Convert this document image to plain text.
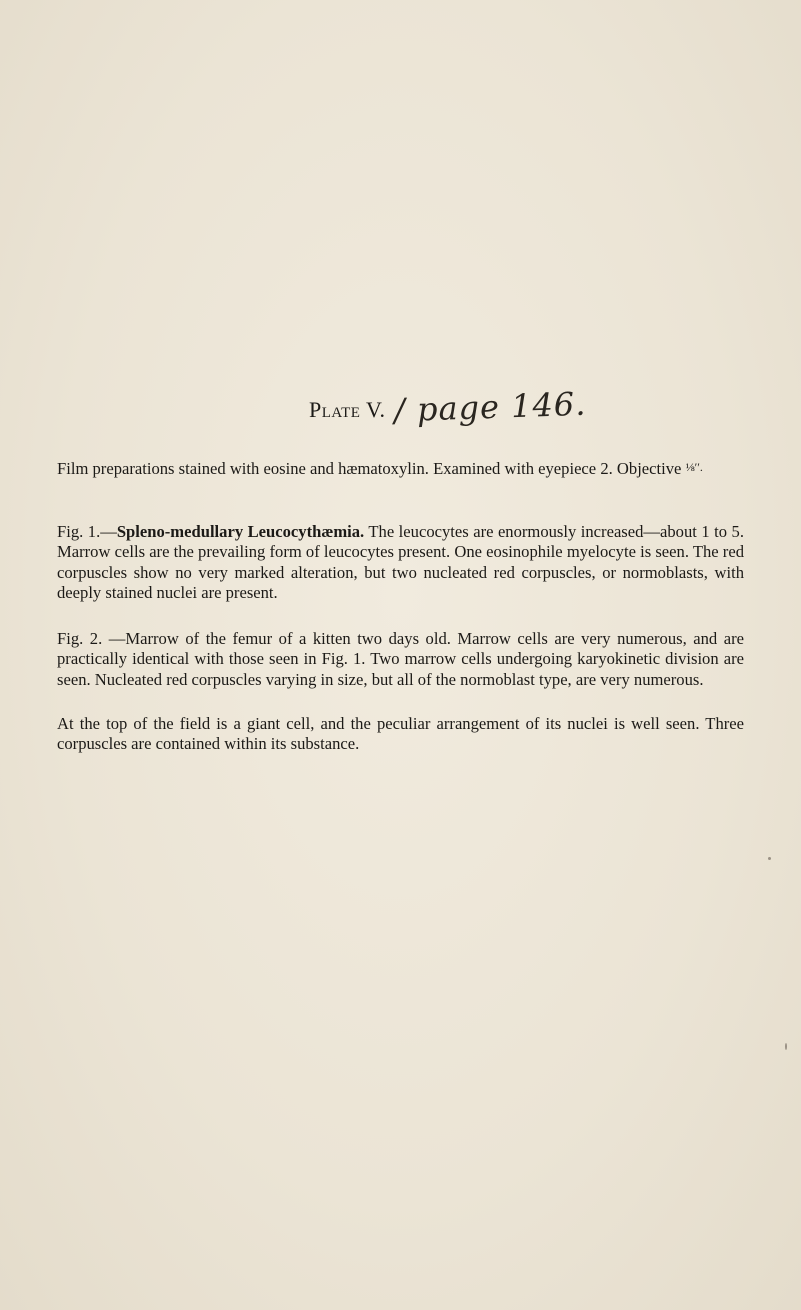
Plate V. / page 146.

Film preparations stained with eosine and hæmatoxylin. Examined with eyepiece 2. Objective $^{\frac{1}{8}''.}$

Fig. 1.—Spleno-medullary Leucocythæmia. The leucocytes are enormously increased—about 1 to 5. Marrow cells are the prevailing form of leucocytes present. One eosinophile myelocyte is seen. The red corpuscles show no very marked alteration, but two nucleated red corpuscles, or normoblasts, with deeply stained nuclei are present.

Fig. 2. —Marrow of the femur of a kitten two days old. Marrow cells are very numerous, and are practically identical with those seen in Fig. 1. Two marrow cells undergoing karyokinetic division are seen. Nucleated red corpuscles varying in size, but all of the normoblast type, are very numerous.

At the top of the field is a giant cell, and the peculiar arrangement of its nuclei is well seen. Three corpuscles are contained within its substance.
